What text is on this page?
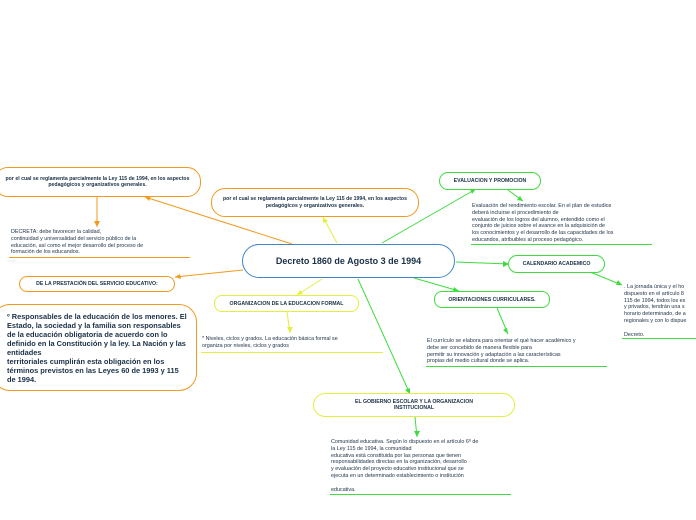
Decreto 1860 de Agosto 3 de 1994
por el cual se reglamenta parcialmente la Ley 115 de 1994, en los aspectos pedagógicos y organizativos generales.
DECRETA: debe favorecer la calidad,
continuidad y universalidad del servicio público de la
educación, así como el mejor desarrollo del proceso de
formación de los educandos.
DE LA PRESTACIÓN DEL SERVICIO EDUCATIVO:
º Responsables de la educación de los menores. El Estado, la sociedad y la familia son responsables
de la educación obligatoria de acuerdo con lo definido en la Constitución y la ley. La Nación y las entidades
territoriales cumplirán esta obligación en los términos previstos en las Leyes 60 de 1993 y 115 de 1994.
por el cual se reglamenta parcialmente la Ley 115 de 1994, en los aspectos pedagógicos y organizativos generales.
ORGANIZACION DE LA EDUCACION FORMAL
* Niveles, ciclos y grados. La educación básica formal se
organiza por niveles, ciclos y grados
EL GOBIERNO ESCOLAR Y LA ORGANIZACION INSTITUCIONAL
Comunidad educativa. Según lo dispuesto en el artículo 6º de
la Ley 115 de 1994, la comunidad
educativa está constituida por las personas que tienen
responsabilidades directas en la organización, desarrollo
y evaluación del proyecto educativo institucional que se
ejecuta en un determinado establecimiento o institución

educativa.
EVALUACION Y PROMOCION
Evaluación del rendimiento escolar. En el plan de estudios
deberá incluirse el procedimiento de
evaluación de los logros del alumno, entendido como el
conjunto de juicios sobre el avance en la adquisición de
los conocimientos y el desarrollo de las capacidades de los
educandos, atribuibles al proceso pedagógico.
CALENDARIO ACADEMICO
. La jornada única y el ho
dispuesto en el artículo 8
115 de 1994, todos los es
y privados, tendrán una s
horario determinado, de a
regionales y con lo dispue

Decreto.
ORIENTACIONES CURRICULARES.
El currículo se elabora para orientar el qué hacer académico y
debe ser concebido de manera flexible para
permitir su innovación y adaptación a las características
propias del medio cultural donde se aplica.
